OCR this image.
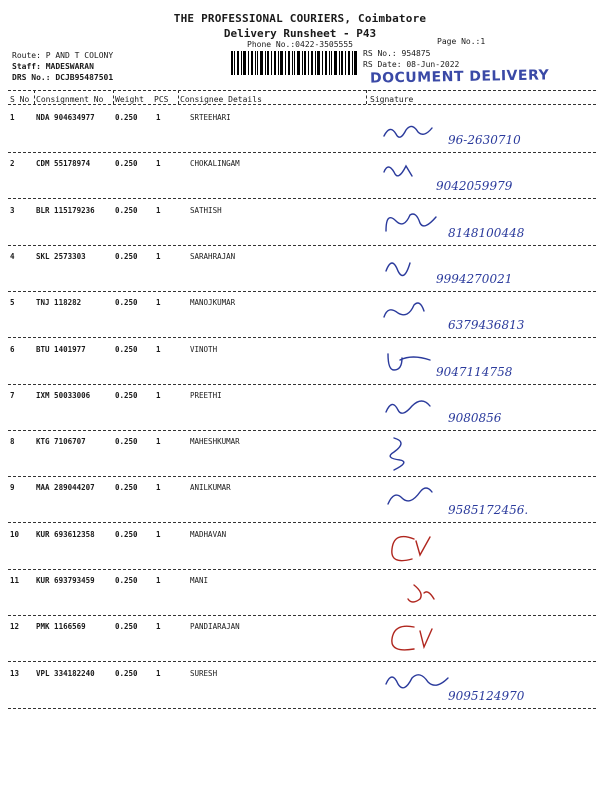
THE PROFESSIONAL COURIERS, Coimbatore
Delivery Runsheet - P43
Phone No.:0422-3505555	Page No.:1
Route: P AND T COLONY
Staff: MADESWARAN
DRS No.: DCJB95487501
RS No.: 954875
RS Date: 08-Jun-2022
DOCUMENT DELIVERY
S No Consignment No Weight PCS Consignee Details	Signature
1	NDA 904634977	0.250 1	SRTEEHARI
96-2630710
2	CDM 55178974	0.250 1	CHOKALINGAM
9042059979
3	BLR 115179236	0.250 1	SATHISH
8148100448
4	SKL 2573303	0.250 1	SARAHRAJAN
9994270021
5	TNJ 118282	0.250 1	MANOJKUMAR
6379436813
6	BTU 1401977	0.250 1	VINOTH
9047114758
7	IXM 50033006	0.250 1	PREETHI
9080856
8	KTG 7106707	0.250 1	MAHESHKUMAR
9	MAA 289044207	0.250 1	ANILKUMAR
9585172456.
10 KUR 693612358	0.250 1	MADHAVAN
11 KUR 693793459	0.250 1	MANI
12 PMK 1166569	0.250 1	PANDIARAJAN
13 VPL 334182240	0.250 1	SURESH
9095124970
